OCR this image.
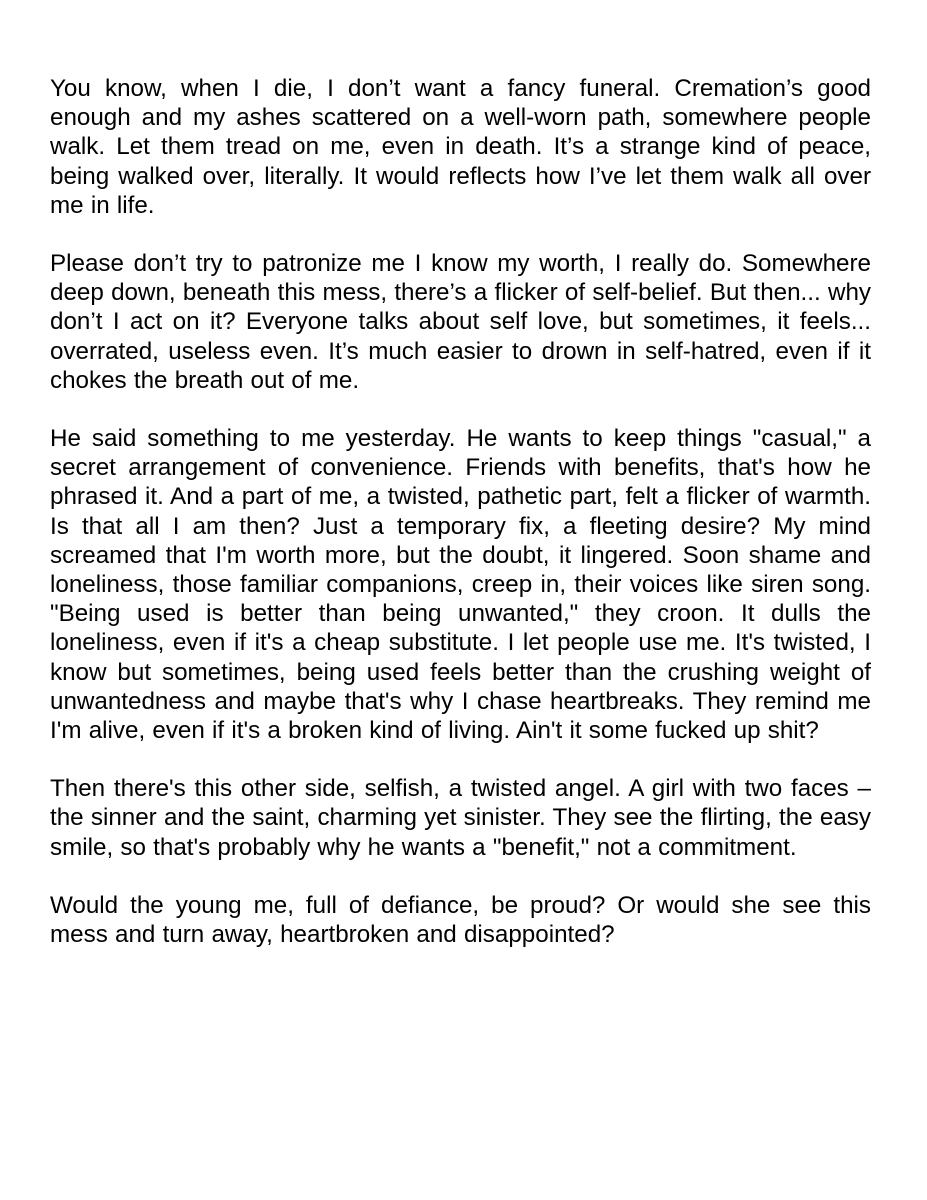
You know, when I die, I don’t want a fancy funeral. Cremation’s good enough and my ashes scattered on a well-worn path, somewhere people walk. Let them tread on me, even in death. It’s a strange kind of peace, being walked over, literally. It would reflects how I’ve let them walk all over me in life.

Please don’t try to patronize me I know my worth, I really do. Somewhere deep down, beneath this mess, there’s a flicker of self-belief. But then... why don’t I act on it? Everyone talks about self love, but sometimes, it feels... overrated, useless even. It’s much easier to drown in self-hatred, even if it chokes the breath out of me.

He said something to me yesterday. He wants to keep things "casual," a secret arrangement of convenience. Friends with benefits, that's how he phrased it. And a part of me, a twisted, pathetic part, felt a flicker of warmth. Is that all I am then? Just a temporary fix, a fleeting desire? My mind screamed that I'm worth more, but the doubt, it lingered. Soon shame and loneliness, those familiar companions, creep in, their voices like siren song. "Being used is better than being unwanted," they croon. It dulls the loneliness, even if it's a cheap substitute. I let people use me. It's twisted, I know but sometimes, being used feels better than the crushing weight of unwantedness and maybe that's why I chase heartbreaks. They remind me I'm alive, even if it's a broken kind of living. Ain't it some fucked up shit?

Then there's this other side, selfish, a twisted angel. A girl with two faces – the sinner and the saint, charming yet sinister. They see the flirting, the easy smile, so that's probably why he wants a "benefit," not a commitment.

Would the young me, full of defiance, be proud? Or would she see this mess and turn away, heartbroken and disappointed?
